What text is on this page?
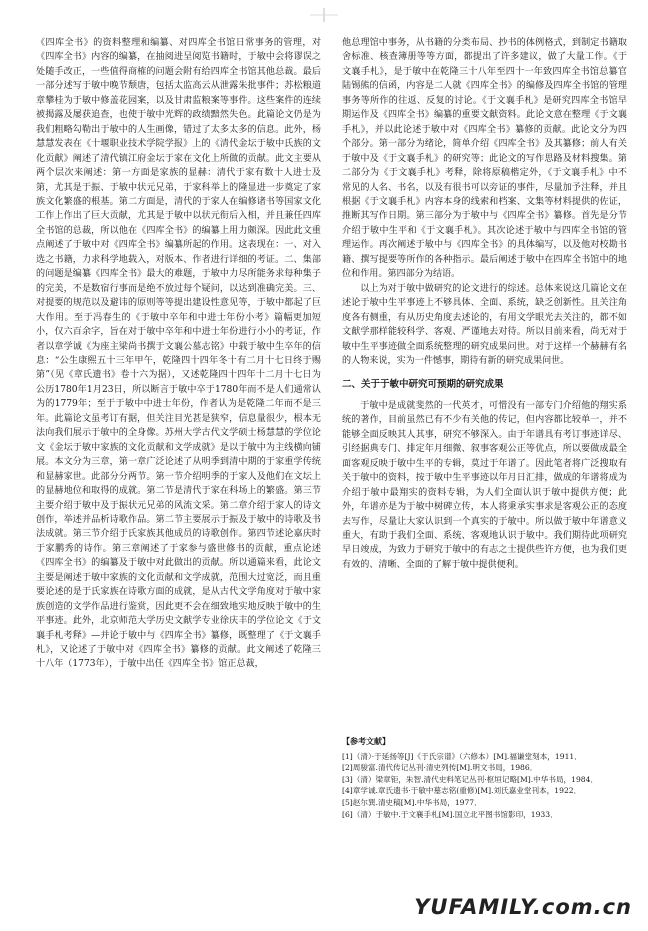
《四库全书》的资料整理和编纂、对四库全书馆日常事务的管理，对《四库全书》内容的编纂，在抽阅进呈阅览书籍时，于敏中会将谬误之处随手改正，一些值得商榷的问题会附有给四库全书馆其他总裁。最后一部分述写于敏中晚节颓唐，包括太监高云从泄露朱批事件；苏松粮道章攀桂为于敏中修盖花园案，以及甘肃监粮案等事件。这些案件的连续被揭露及屡获追查，也使于敏中光辉的政绩黯然失色。此篇论文仍是为我们粗略勾勒出于敏中的人生画像，错过了太多太多的信息。此外，杨慧慧发表在《十堰职业技术学院学报》上的《清代金坛于敏中氏族的文化贡献》阐述了清代镇江府金坛于家在文化上所做的贡献。此文主要从两个层次来阐述：第一方面是家族的显赫：清代于家有数十人进士及第，尤其是于振、于敏中状元兄弟，于家科举上的隆显进一步奠定了家族文化繁盛的根基。第二方面是，清代的于家人在编修诸书等国家文化工作上作出了巨大贡献，尤其是于敏中以状元衔后入相，并且兼任四库全书馆的总裁，所以他在《四库全书》的编纂上用力颇深。因此此文重点阐述了于敏中对《四库全书》编纂所起的作用。这表现在：一、对入选之书籍，力求科学地载入，对版本、作者进行详细的考证。二、集部的问题是编纂《四库全书》最大的难题，于敏中力尽所能务求每种集子的完美，不是数宿行事而是绝不放过每个疑问，以达到准确完美。三、对提要的规范以及避讳的原则等等提出建设性意见等，于敏中都起了巨大作用。至于冯春生的《于敏中卒年和中进士年份小考》篇幅更加短小，仅六百余字，旨在对于敏中卒年和中进士年份进行小小的考证，作者以章学诚《为座主梁尚书撰于文襄公墓志铭》中载于敏中生卒年的信息：“公生康熙五十三年甲午，乾隆四十四年冬十有二月十七日终于赐第”（见《章氏遗书》卷十六为据），又述乾隆四十四年十二月十七日为公历1780年1月23日，所以断言于敏中卒于1780年而不是人们通常认为的1779年；至于于敏中中进士年份，作者认为是乾隆二年而不是三年。此篇论文虽考订有据，但关注目光甚是狭窄，信息量很少，根本无法向我们展示于敏中的全身像。苏州大学古代文学硕士杨慧慧的学位论文《金坛于敏中家族的文化贡献和文学成就》是以于敏中为主线横向铺展。本文分为三章，第一章广泛论述了从明季到清中期的于家重学传统和显赫家世。此部分分两节。第一节介绍明季的于家人及他们在文坛上的显赫地位和取得的成就。第二节是清代于家在科场上的繁盛。第三节主要介绍于敏中及于振状元兄弟的风流文采。第二章介绍于家人的诗文创作，举述并品析诗歌作品。第二节主要展示于振及于敏中的诗歌及书法成就。第三节介绍于氏家族其他成员的诗歌创作。第四节述论嘉庆时于家鹏秀的诗作。第三章阐述了于家参与盛世修书的贡献，重点论述《四库全书》的编纂及于敏中对此做出的贡献。所以通篇来看，此论文主要是阐述于敏中家族的文化贡献和文学成就，范围大过宽泛，而且重要论述的是于氏家族在诗歌方面的成就，是从古代文学角度对于敏中家族创造的文学作品进行鉴赏，因此更不会在细致地实地反映于敏中的生平事迹。此外，北京师范大学历史文献学专业徐庆丰的学位论文《于文襄手札考释》—并论于敏中与《四库全书》纂修，既整理了《于文襄手札》，又论述了于敏中对《四库全书》纂修的贡献。此文阐述了乾隆三十八年（1773年），于敏中出任《四库全书》馆正总裁，

他总理馆中事务，从书籍的分类布局、抄书的体例格式，到制定书籍取舍标准、核查簿册等等方面，都提出了许多建议，做了大量工作。《于文襄手札》，是于敏中在乾隆三十八年至四十一年致四库全书馆总纂官陆锡熊的信函，内容是二人就《四库全书》的编修及四库全书馆的管理事务等所作的往返、反复的讨论。《于文襄手札》是研究四库全书馆早期运作及《四库全书》编纂的重要文献资料。此论文意在整理《于文襄手札》，并以此论述于敏中对《四库全书》纂修的贡献。此论文分为四个部分。第一部分为绪论，简单介绍《四库全书》及其纂修；前人有关于敏中及《于文襄手札》的研究等；此论文的写作思路及材料搜集。第二部分为《于文襄手札》考释，除将原稿楷定外，《于文襄手札》中不常见的人名、书名，以及有很书可以旁证的事件，尽量加予注释，并且根据《于文襄手札》内容本身的线索和档案、文集等材料提供的佐证，推断其写作日期。第三部分为于敏中与《四库全书》纂修。首先是分节介绍于敏中生平和《于文襄手札》。其次论述于敏中与四库全书馆的管理运作。再次阐述于敏中与《四库全书》的具体编写，以及他对校勘书籍、撰写提要等所作的各种指示。最后阐述于敏中在四库全书馆中的地位和作用。第四部分为结语。

以上为对于敏中做研究的论文进行的综述。总体来说这几篇论文在述论于敏中生平事迹上不够具体、全面、系统，缺乏创新性。且关注角度各有侧重，有从历史角度去述论的，有用文学眼光去关注的，都不如文献学那样能较科学、客观、严谨地去对待。所以目前来看，尚无对于敏中生平事迹做全面系统整理的研究成果问世。对于这样一个赫赫有名的人物来说，实为一件憾事，期待有新的研究成果问世。

二、关于于敏中研究可预期的研究成果

于敏中是成就斐然的一代英才，可惜没有一部专门介绍他的翔实系统的著作，目前虽然已有不少有关他的传记，但内容都比较单一，并不能够全面反映其人其事，研究不够深入。由于年谱具有考订事迹详尽、引经据典专门、排定年月细微、叙事客观公正等优点，所以要做成最全面客观反映于敏中生平的专辑，莫过于年谱了。因此笔者将广泛搜取有关于敏中的资料，按于敏中生平事迹以年月日汇排，做成的年谱将成为介绍于敏中最翔实的资料专辑，为人们全面认识于敏中提供方便；此外，年谱亦是为于敏中树碑立传，本人将秉承实事求是客观公正的态度去写作，尽量让大家认识到一个真实的于敏中。所以做于敏中年谱意义重大，有助于我们全面、系统、客观地认识于敏中。我们期待此项研究早日竣成，为致力于研究于敏中的有志之士提供些许方便，也为我们更有效的、清晰、全面的了解于敏中提供便利。

【参考文献】
[1]（清）·于延扬等[J]《于氏宗谱》（六修本）[M].福谦堂刻本，1911．
[2]周骏富.清代传记丛刊·清史列传[M].明文书局，1986．
[3]（清）梁章钜，朱智.清代史料笔记丛刊·枢垣记略[M].中华书局，1984．
[4]章学诚.章氏遗书·于敏中墓志铭(重修)[M].刘氏嘉业堂刊本，1922．
[5]赵尔巽.清史稿[M].中华书局，1977．
[6]（清）于敏中.于文襄手札[M].国立北平图书馆影印，1933．
YUFAMILY.com.cn
